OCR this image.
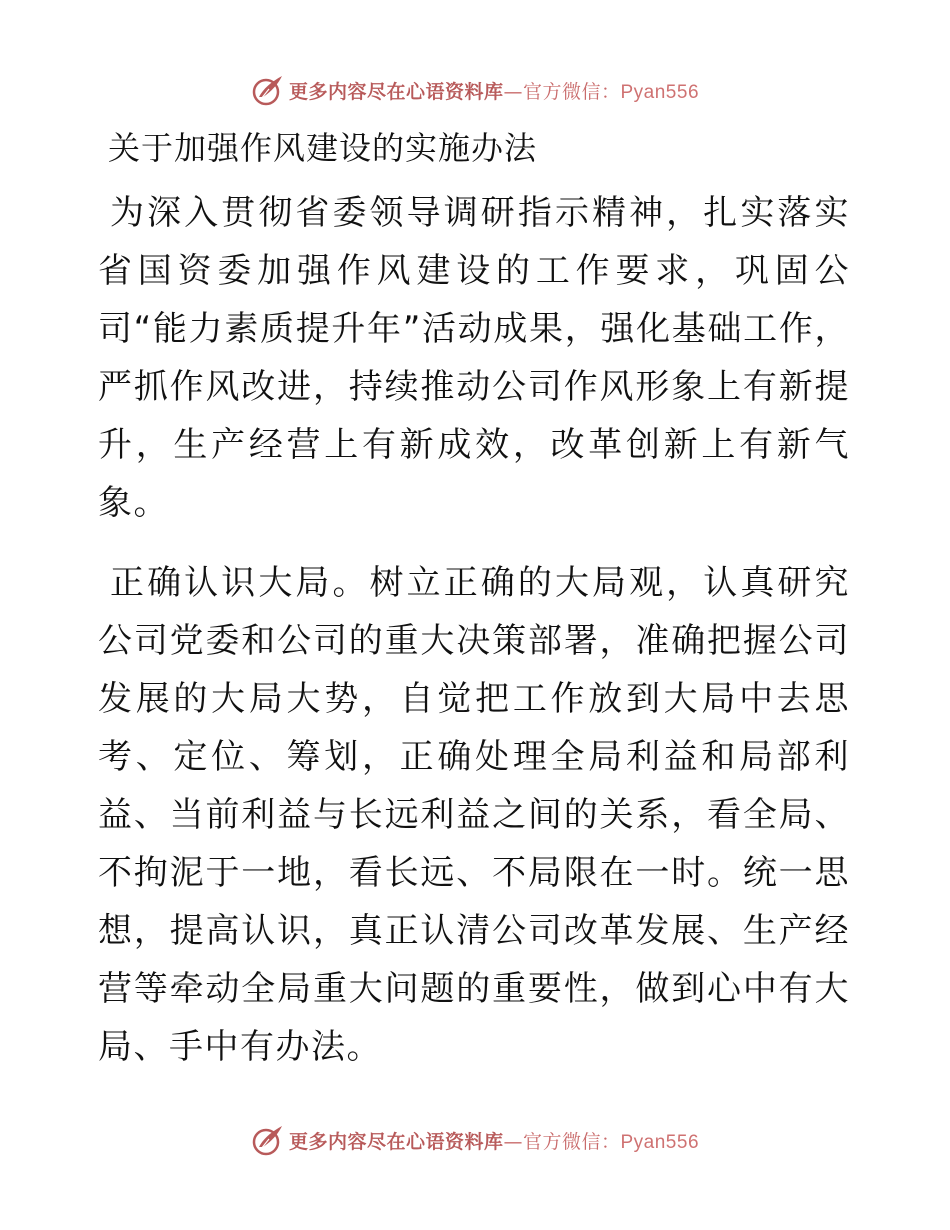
更多内容尽在心语资料库—官方微信：Pyan556
关于加强作风建设的实施办法

为深入贯彻省委领导调研指示精神，扎实落实省国资委加强作风建设的工作要求，巩固公司“能力素质提升年”活动成果，强化基础工作，严抓作风改进，持续推动公司作风形象上有新提升，生产经营上有新成效，改革创新上有新气象。

正确认识大局。树立正确的大局观，认真研究公司党委和公司的重大决策部署，准确把握公司发展的大局大势，自觉把工作放到大局中去思考、定位、筹划，正确处理全局利益和局部利益、当前利益与长远利益之间的关系，看全局、不拘泥于一地，看长远、不局限在一时。统一思想，提高认识，真正认清公司改革发展、生产经营等牵动全局重大问题的重要性，做到心中有大局、手中有办法。

更多内容尽在心语资料库—官方微信：Pyan556
